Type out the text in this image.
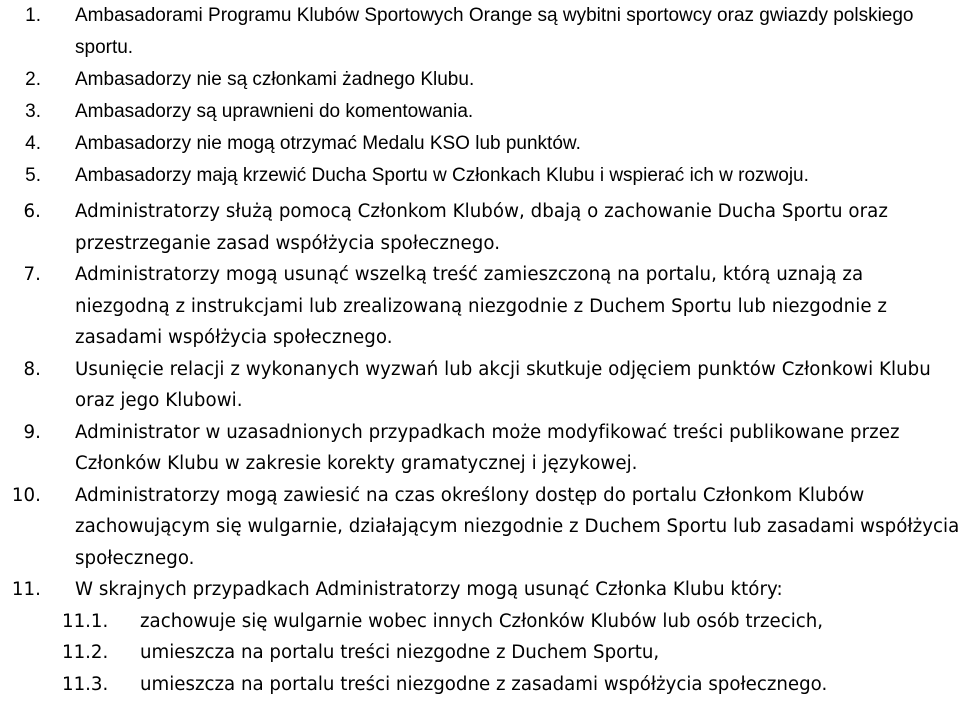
1.	Ambasadorami Programu Klubów Sportowych Orange są wybitni sportowcy oraz gwiazdy polskiego sportu.
2.	Ambasadorzy nie są członkami żadnego Klubu.
3.	Ambasadorzy są uprawnieni do komentowania.
4.	Ambasadorzy nie mogą otrzymać Medalu KSO lub punktów.
5.	Ambasadorzy mają krzewić Ducha Sportu w Członkach Klubu i wspierać ich w rozwoju.
6.	Administratorzy służą pomocą Członkom Klubów, dbają o zachowanie Ducha Sportu oraz przestrzeganie zasad współżycia społecznego.
7.	Administratorzy mogą usunąć wszelką treść zamieszczoną na portalu, którą uznają za niezgodną z instrukcjami lub zrealizowaną niezgodnie z Duchem Sportu lub niezgodnie z zasadami współżycia społecznego.
8.	Usunięcie relacji z wykonanych wyzwań lub akcji skutkuje odjęciem punktów Członkowi Klubu oraz jego Klubowi.
9.	Administrator w uzasadnionych przypadkach może modyfikować treści publikowane przez Członków Klubu w zakresie korekty gramatycznej i językowej.
10.	Administratorzy mogą zawiesić na czas określony dostęp do portalu Członkom Klubów zachowującym się wulgarnie, działającym niezgodnie z Duchem Sportu lub zasadami współżycia społecznego.
11.	W skrajnych przypadkach Administratorzy mogą usunąć Członka Klubu który:
11.1.	zachowuje się wulgarnie wobec innych Członków Klubów lub osób trzecich,
11.2.	umieszcza na portalu treści niezgodne z Duchem Sportu,
11.3.	umieszcza na portalu treści niezgodne z zasadami współżycia społecznego.
